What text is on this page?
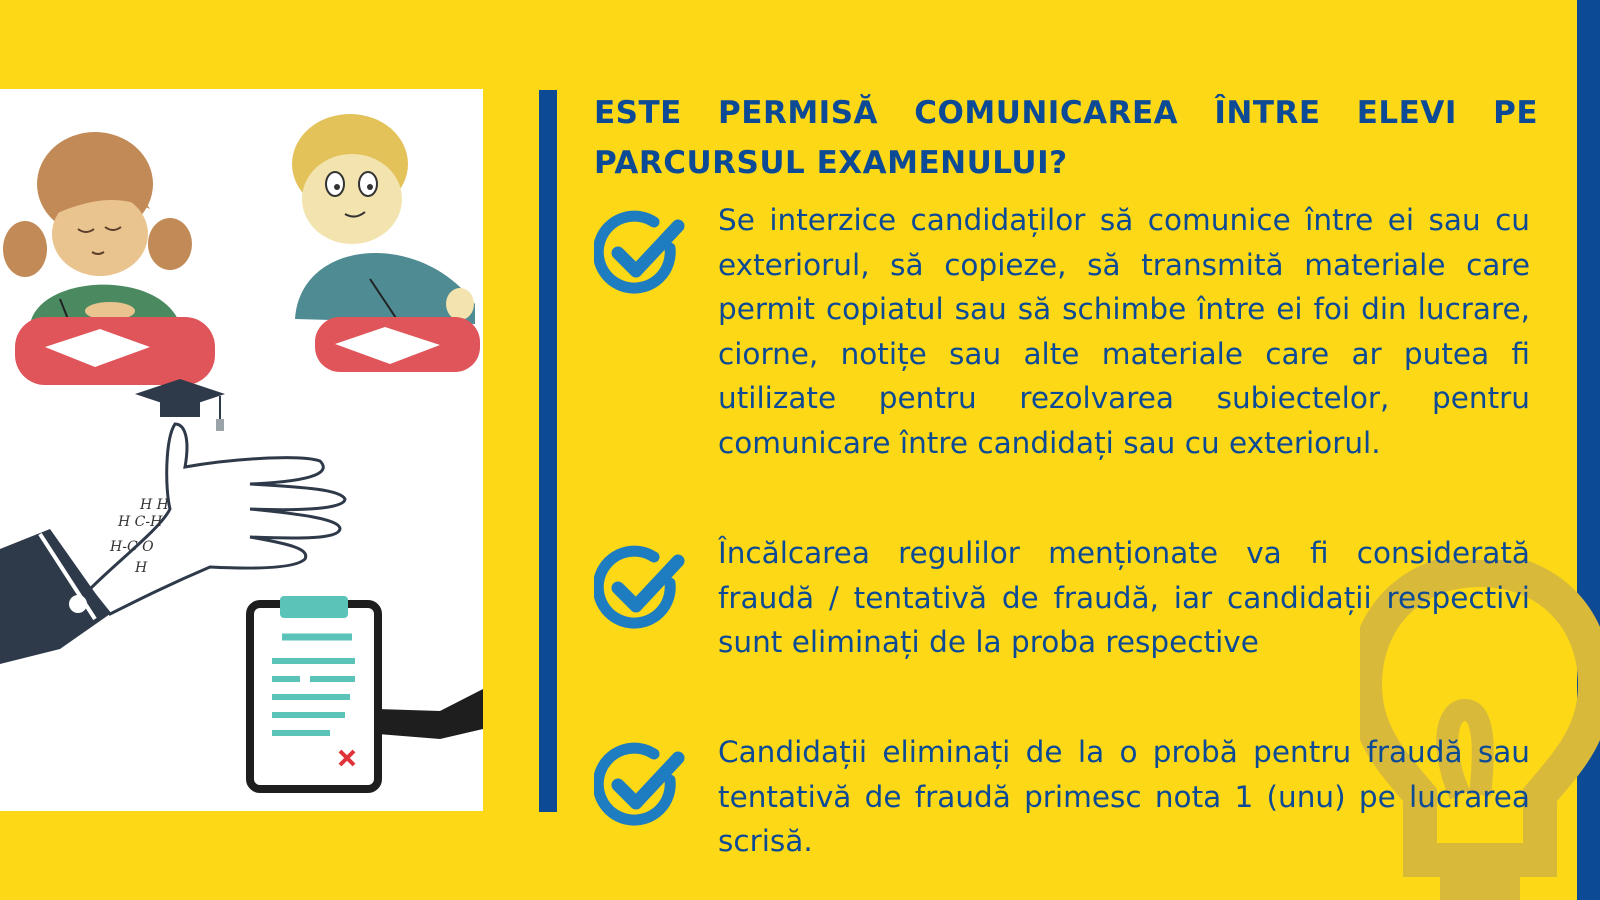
H H
H C-H
H-C O
H
ESTE PERMISĂ COMUNICAREA ÎNTRE ELEVI PE PARCURSUL EXAMENULUI?
Se interzice candidaților să comunice între ei sau cu exteriorul, să copieze, să transmită materiale care permit copiatul sau să schimbe între ei foi din lucrare, ciorne, notițe sau alte materiale care ar putea fi utilizate pentru rezolvarea subiectelor, pentru comunicare între candidați sau cu exteriorul.
Încălcarea regulilor menționate va fi considerată fraudă / tentativă de fraudă, iar candidații respectivi sunt eliminați de la proba respective
Candidații eliminați de la o probă pentru fraudă sau tentativă de fraudă primesc nota 1 (unu) pe lucrarea scrisă.
